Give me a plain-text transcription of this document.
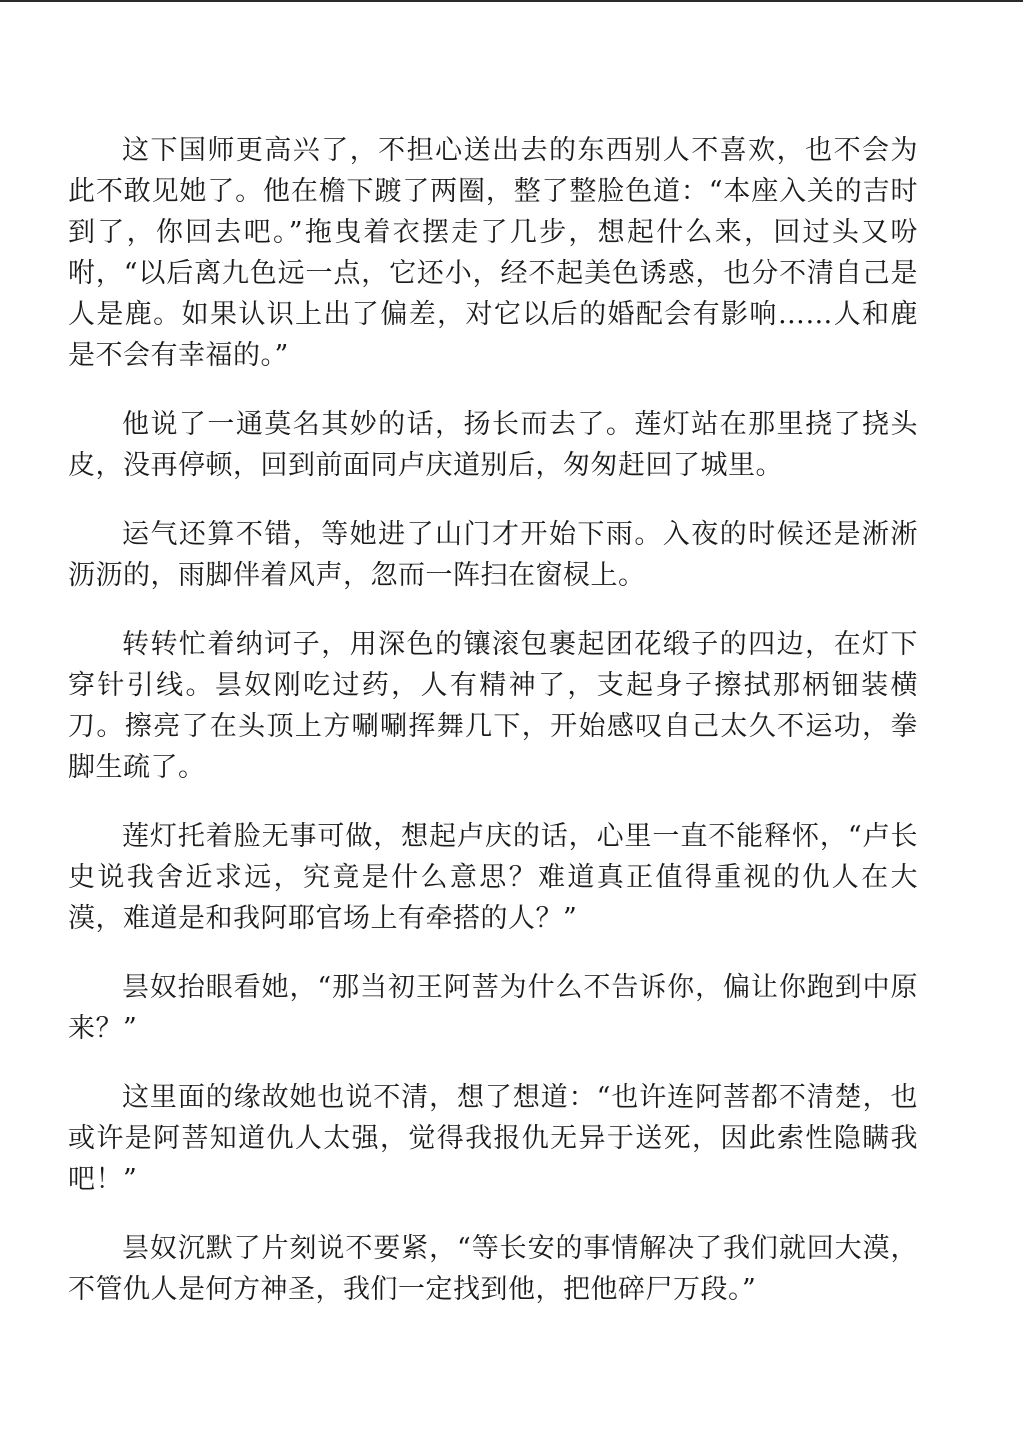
这下国师更高兴了，不担心送出去的东西别人不喜欢，也不会为此不敢见她了。他在檐下踱了两圈，整了整脸色道：“本座入关的吉时到了，你回去吧。”拖曳着衣摆走了几步，想起什么来，回过头又吩咐，“以后离九色远一点，它还小，经不起美色诱惑，也分不清自己是人是鹿。如果认识上出了偏差，对它以后的婚配会有影响……人和鹿是不会有幸福的。”

他说了一通莫名其妙的话，扬长而去了。莲灯站在那里挠了挠头皮，没再停顿，回到前面同卢庆道别后，匆匆赶回了城里。

运气还算不错，等她进了山门才开始下雨。入夜的时候还是淅淅沥沥的，雨脚伴着风声，忽而一阵扫在窗棂上。

转转忙着纳诃子，用深色的镶滚包裹起团花缎子的四边，在灯下穿针引线。昙奴刚吃过药，人有精神了，支起身子擦拭那柄钿装横刀。擦亮了在头顶上方唰唰挥舞几下，开始感叹自己太久不运功，拳脚生疏了。

莲灯托着脸无事可做，想起卢庆的话，心里一直不能释怀，“卢长史说我舍近求远，究竟是什么意思？难道真正值得重视的仇人在大漠，难道是和我阿耶官场上有牵搭的人？”

昙奴抬眼看她，“那当初王阿菩为什么不告诉你，偏让你跑到中原来？”

这里面的缘故她也说不清，想了想道：“也许连阿菩都不清楚，也或许是阿菩知道仇人太强，觉得我报仇无异于送死，因此索性隐瞒我吧！”

昙奴沉默了片刻说不要紧，“等长安的事情解决了我们就回大漠，不管仇人是何方神圣，我们一定找到他，把他碎尸万段。”
